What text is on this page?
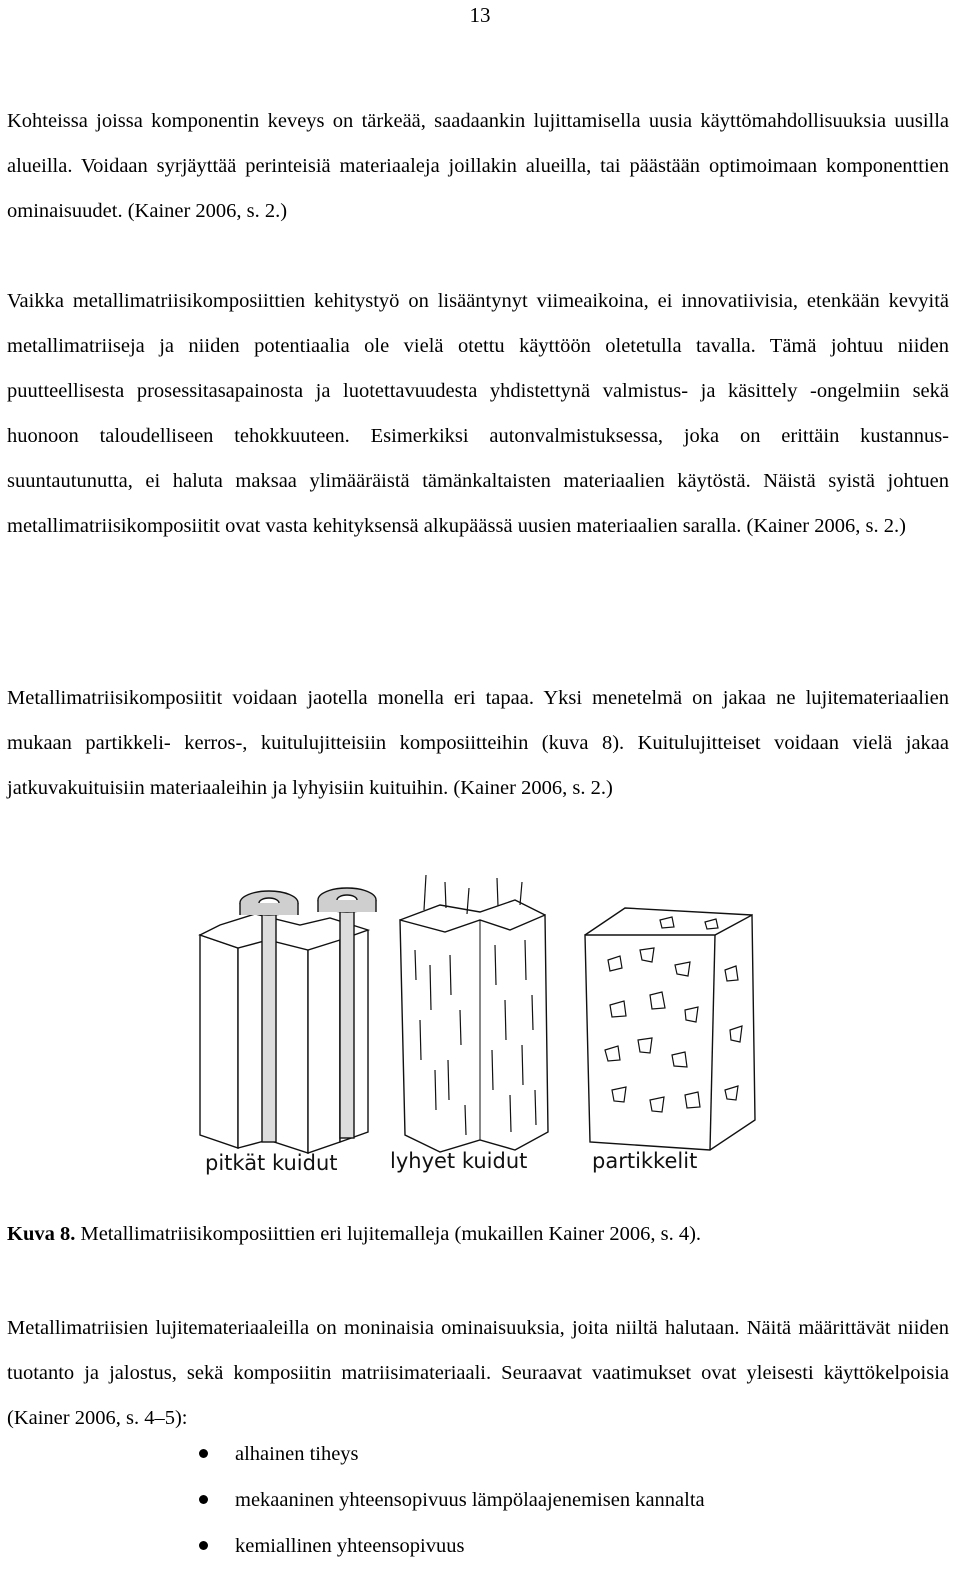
13

Kohteissa joissa komponentin keveys on tärkeää, saadaankin lujittamisella uusia käyttömahdollisuuksia uusilla alueilla. Voidaan syrjäyttää perinteisiä materiaaleja joillakin alueilla, tai päästään optimoimaan komponenttien ominaisuudet. (Kainer 2006, s. 2.)

Vaikka metallimatriisikomposiittien kehitystyö on lisääntynyt viimeaikoina, ei innovatiivisia, etenkään kevyitä metallimatriiseja ja niiden potentiaalia ole vielä otettu käyttöön oletetulla tavalla. Tämä johtuu niiden puutteellisesta prosessitasapainosta ja luotettavuudesta yhdistettynä valmistus- ja käsittely -ongelmiin sekä huonoon taloudelliseen tehokkuuteen. Esimerkiksi autonvalmistuksessa, joka on erittäin kustannus-suuntautunutta, ei haluta maksaa ylimääräistä tämänkaltaisten materiaalien käytöstä. Näistä syistä johtuen metallimatriisikomposiitit ovat vasta kehityksensä alkupäässä uusien materiaalien saralla. (Kainer 2006, s. 2.)

Metallimatriisikomposiitit voidaan jaotella monella eri tapaa. Yksi menetelmä on jakaa ne lujitemateriaalien mukaan partikkeli- kerros-, kuitulujitteisiin komposiitteihin (kuva 8). Kuitulujitteiset voidaan vielä jakaa jatkuvakuituisiin materiaaleihin ja lyhyisiin kuituihin. (Kainer 2006, s. 2.)

pitkät kuidut lyhyet kuidut	partikkelit

Kuva 8. Metallimatriisikomposiittien eri lujitemalleja (mukaillen Kainer 2006, s. 4).

Metallimatriisien lujitemateriaaleilla on moninaisia ominaisuuksia, joita niiltä halutaan. Näitä määrittävät niiden tuotanto ja jalostus, sekä komposiitin matriisimateriaali. Seuraavat vaatimukset ovat yleisesti käyttökelpoisia (Kainer 2006, s. 4–5):

alhainen tiheys
mekaaninen yhteensopivuus lämpölaajenemisen kannalta
kemiallinen yhteensopivuus
